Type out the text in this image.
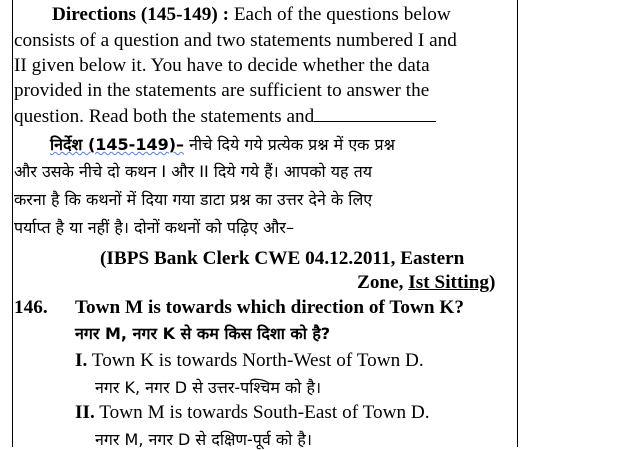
Directions (145-149) : Each of the questions below
consists of a question and two statements numbered I and
II given below it. You have to decide whether the data
provided in the statements are sufficient to answer the
question. Read both the statements and
निर्देश (145-149)– नीचे दिये गये प्रत्येक प्रश्न में एक प्रश्न
और उसके नीचे दो कथन I और II दिये गये हैं। आपको यह तय
करना है कि कथनों में दिया गया डाटा प्रश्न का उत्तर देने के लिए
पर्याप्त है या नहीं है। दोनों कथनों को पढ़िए और–
(IBPS Bank Clerk CWE 04.12.2011, Eastern
Zone, Ist Sitting)
146. Town M is towards which direction of Town K?
नगर M, नगर K से कम किस दिशा को है?
I. Town K is towards North-West of Town D.
नगर K, नगर D से उत्तर-पश्चिम को है।
II. Town M is towards South-East of Town D.
नगर M, नगर D से दक्षिण-पूर्व को है।
